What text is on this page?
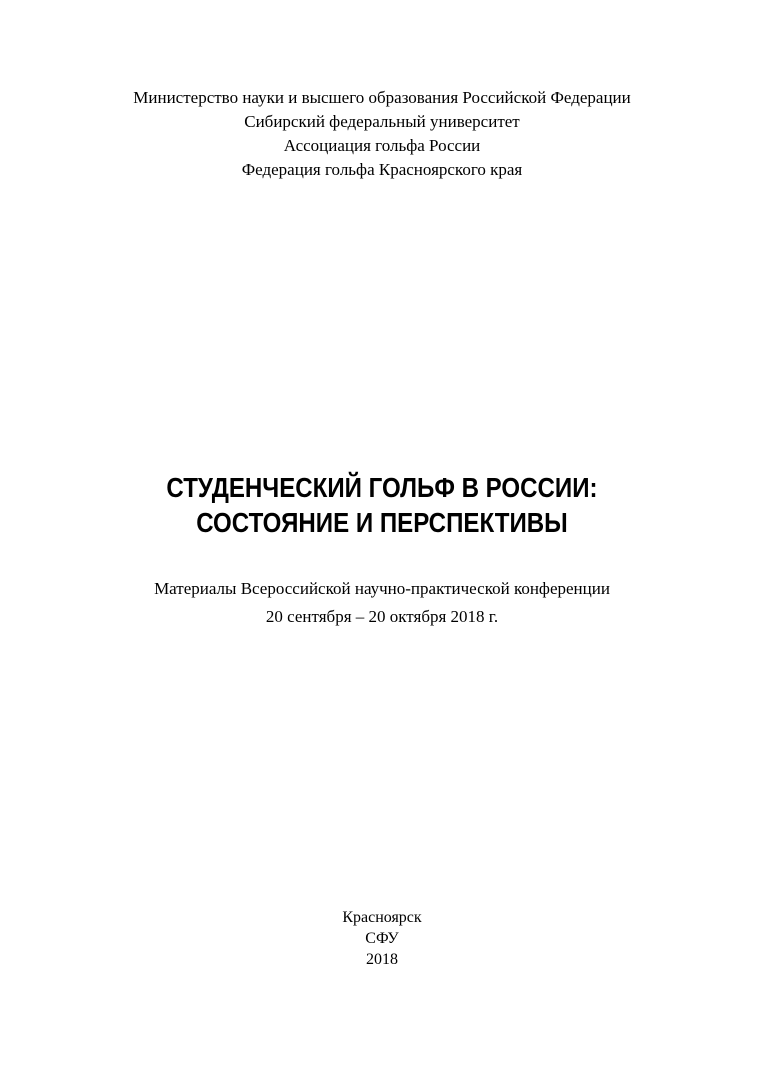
Министерство науки и высшего образования Российской Федерации
Сибирский федеральный университет
Ассоциация гольфа России
Федерация гольфа Красноярского края
СТУДЕНЧЕСКИЙ ГОЛЬФ В РОССИИ:
СОСТОЯНИЕ И ПЕРСПЕКТИВЫ
Материалы Всероссийской научно-практической конференции
20 сентября – 20 октября 2018 г.
Красноярск
СФУ
2018
